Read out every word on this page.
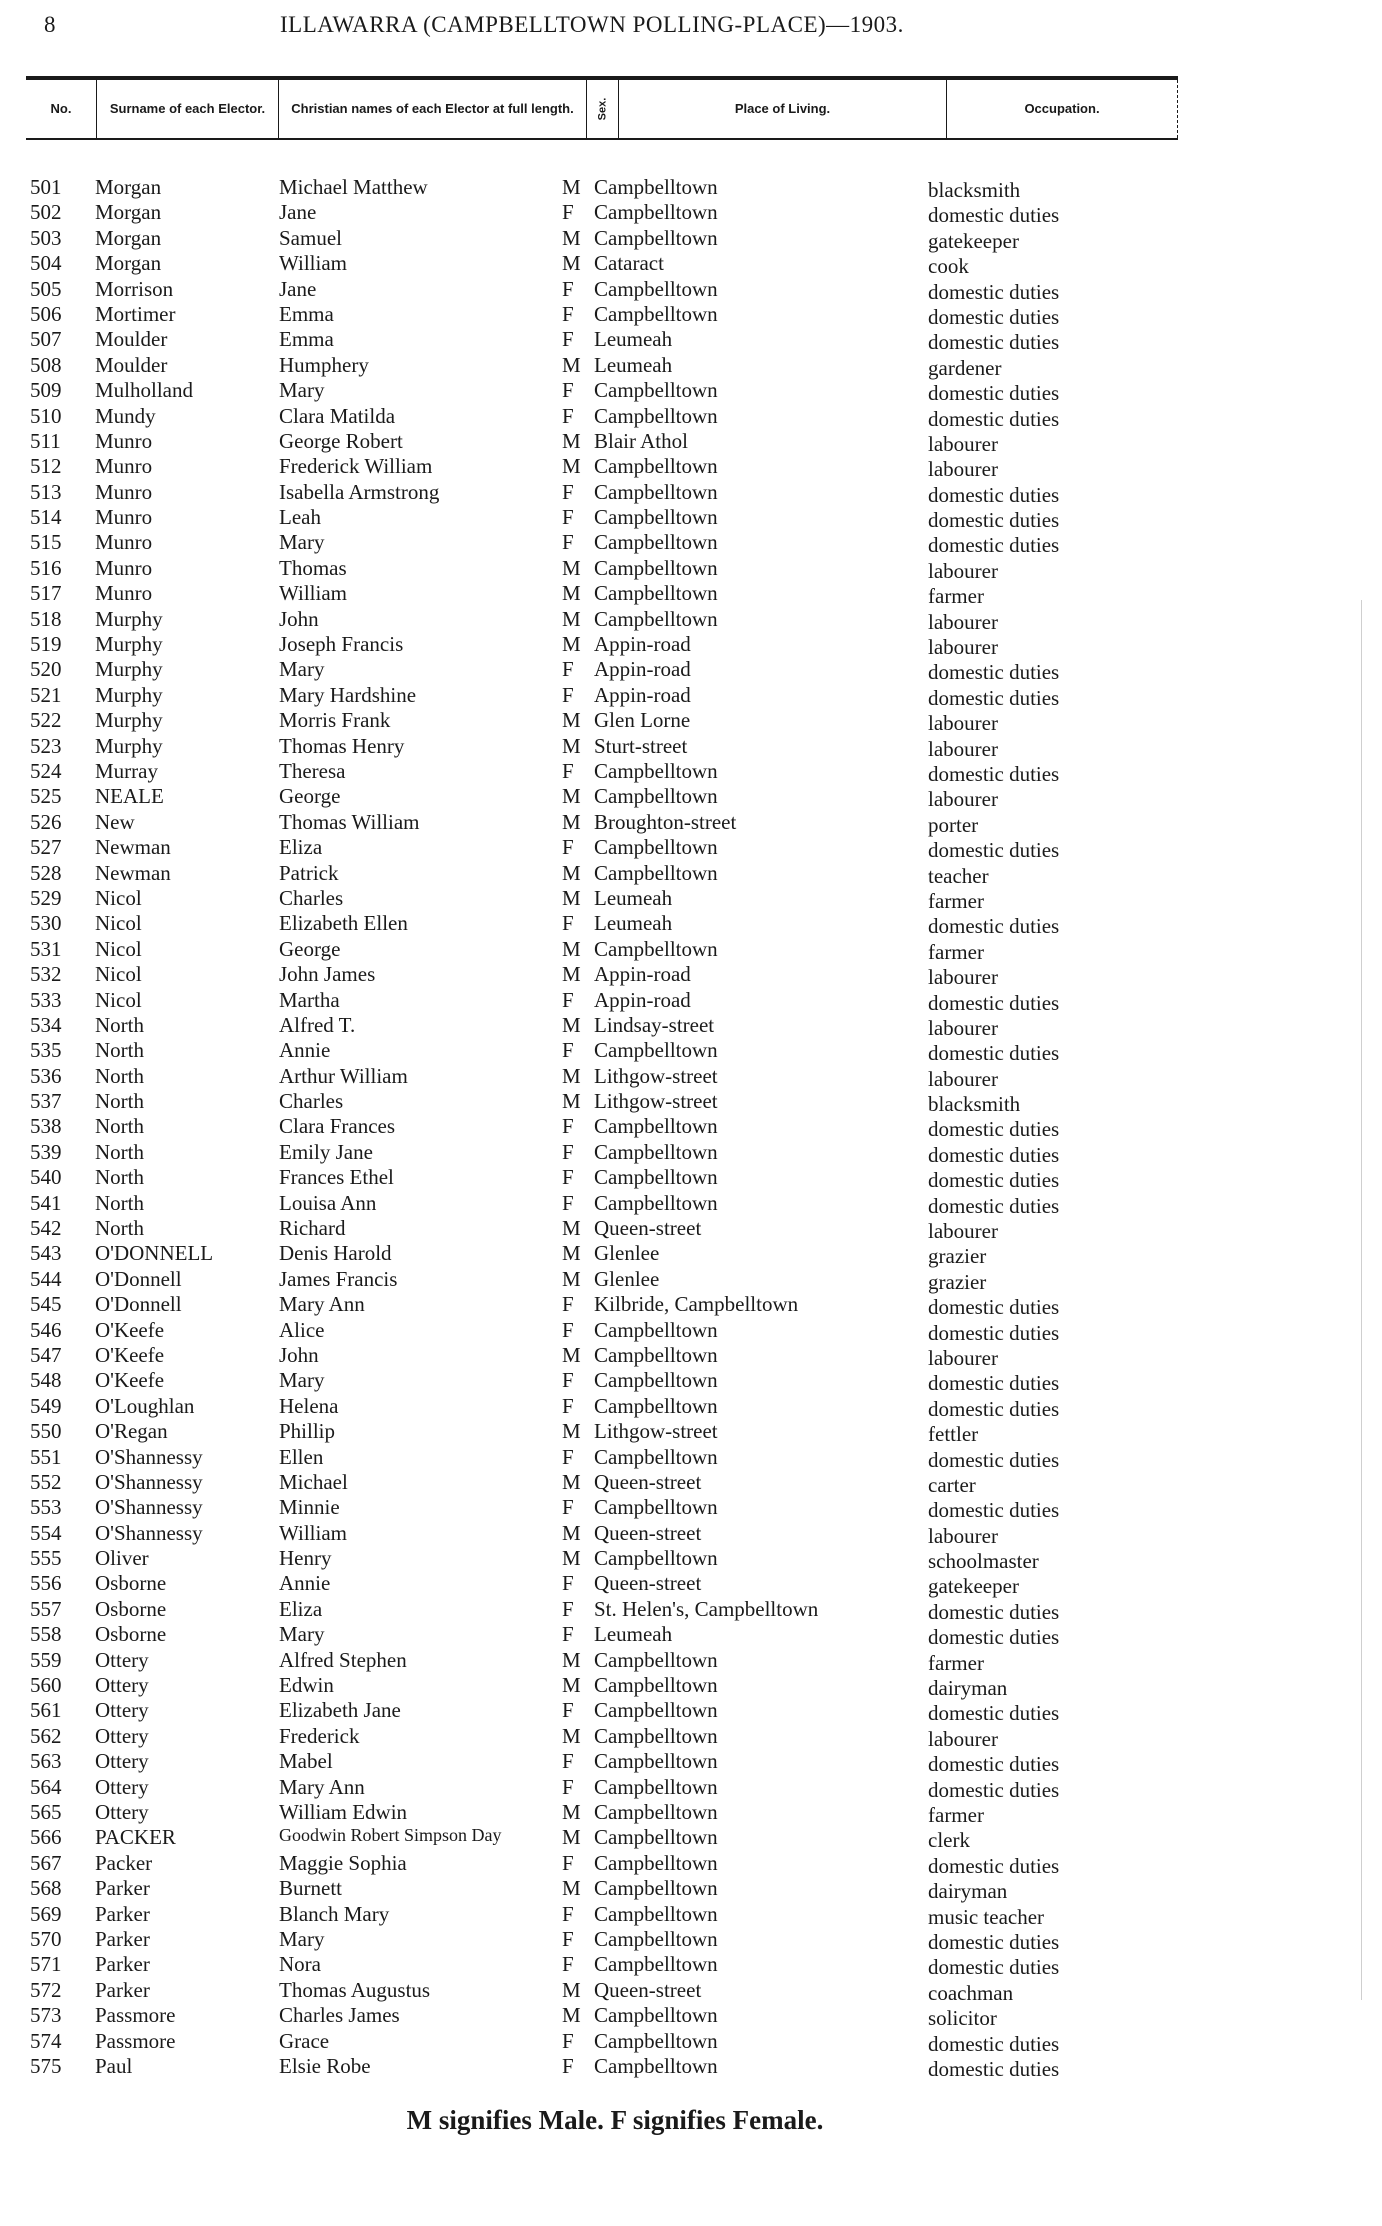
8	ILLAWARRA (CAMPBELLTOWN POLLING-PLACE)—1903.
No.	Surname of each Elector.	Christian names of each Elector at full length.	Sex.	Place of Living.	Occupation.
501	Morgan	Michael Matthew	M Campbelltown	blacksmith
502	Morgan	Jane	F Campbelltown	domestic duties
503	Morgan	Samuel	M Campbelltown	gatekeeper
504	Morgan	William	M Cataract	cook
505	Morrison	Jane	F Campbelltown	domestic duties
506	Mortimer	Emma	F Campbelltown	domestic duties
507	Moulder	Emma	F Leumeah	domestic duties
508	Moulder	Humphery	M Leumeah	gardener
509	Mulholland	Mary	F Campbelltown	domestic duties
510	Mundy	Clara Matilda	F Campbelltown	domestic duties
511	Munro	George Robert	M Blair Athol	labourer
512	Munro	Frederick William	M Campbelltown	labourer
513	Munro	Isabella Armstrong	F Campbelltown	domestic duties
514	Munro	Leah	F Campbelltown	domestic duties
515	Munro	Mary	F Campbelltown	domestic duties
516	Munro	Thomas	M Campbelltown	labourer
517	Munro	William	M Campbelltown	farmer
518	Murphy	John	M Campbelltown	labourer
519	Murphy	Joseph Francis	M Appin-road	labourer
520	Murphy	Mary	F Appin-road	domestic duties
521	Murphy	Mary Hardshine	F Appin-road	domestic duties
522	Murphy	Morris Frank	M Glen Lorne	labourer
523	Murphy	Thomas Henry	M Sturt-street	labourer
524	Murray	Theresa	F Campbelltown	domestic duties
525	NEALE	George	M Campbelltown	labourer
526	New	Thomas William	M Broughton-street	porter
527	Newman	Eliza	F Campbelltown	domestic duties
528	Newman	Patrick	M Campbelltown	teacher
529	Nicol	Charles	M Leumeah	farmer
530	Nicol	Elizabeth Ellen	F Leumeah	domestic duties
531	Nicol	George	M Campbelltown	farmer
532	Nicol	John James	M Appin-road	labourer
533	Nicol	Martha	F Appin-road	domestic duties
534	North	Alfred T.	M Lindsay-street	labourer
535	North	Annie	F Campbelltown	domestic duties
536	North	Arthur William	M Lithgow-street	labourer
537	North	Charles	M Lithgow-street	blacksmith
538	North	Clara Frances	F Campbelltown	domestic duties
539	North	Emily Jane	F Campbelltown	domestic duties
540	North	Frances Ethel	F Campbelltown	domestic duties
541	North	Louisa Ann	F Campbelltown	domestic duties
542	North	Richard	M Queen-street	labourer
543	O'DONNELL	Denis Harold	M Glenlee	grazier
544	O'Donnell	James Francis	M Glenlee	grazier
545	O'Donnell	Mary Ann	F Kilbride, Campbelltown	domestic duties
546	O'Keefe	Alice	F Campbelltown	domestic duties
547	O'Keefe	John	M Campbelltown	labourer
548	O'Keefe	Mary	F Campbelltown	domestic duties
549	O'Loughlan	Helena	F Campbelltown	domestic duties
550	O'Regan	Phillip	M Lithgow-street	fettler
551	O'Shannessy	Ellen	F Campbelltown	domestic duties
552	O'Shannessy	Michael	M Queen-street	carter
553	O'Shannessy	Minnie	F Campbelltown	domestic duties
554	O'Shannessy	William	M Queen-street	labourer
555	Oliver	Henry	M Campbelltown	schoolmaster
556	Osborne	Annie	F Queen-street	gatekeeper
557	Osborne	Eliza	F St. Helen's, Campbelltown	domestic duties
558	Osborne	Mary	F Leumeah	domestic duties
559	Ottery	Alfred Stephen	M Campbelltown	farmer
560	Ottery	Edwin	M Campbelltown	dairyman
561	Ottery	Elizabeth Jane	F Campbelltown	domestic duties
562	Ottery	Frederick	M Campbelltown	labourer
563	Ottery	Mabel	F Campbelltown	domestic duties
564	Ottery	Mary Ann	F Campbelltown	domestic duties
565	Ottery	William Edwin	M Campbelltown	farmer
566	PACKER	Goodwin Robert Simpson Day	M Campbelltown	clerk
567	Packer	Maggie Sophia	F Campbelltown	domestic duties
568	Parker	Burnett	M Campbelltown	dairyman
569	Parker	Blanch Mary	F Campbelltown	music teacher
570	Parker	Mary	F Campbelltown	domestic duties
571	Parker	Nora	F Campbelltown	domestic duties
572	Parker	Thomas Augustus	M Queen-street	coachman
573	Passmore	Charles James	M Campbelltown	solicitor
574	Passmore	Grace	F Campbelltown	domestic duties
575	Paul	Elsie Robe	F Campbelltown	domestic duties
M signifies Male. F signifies Female.
